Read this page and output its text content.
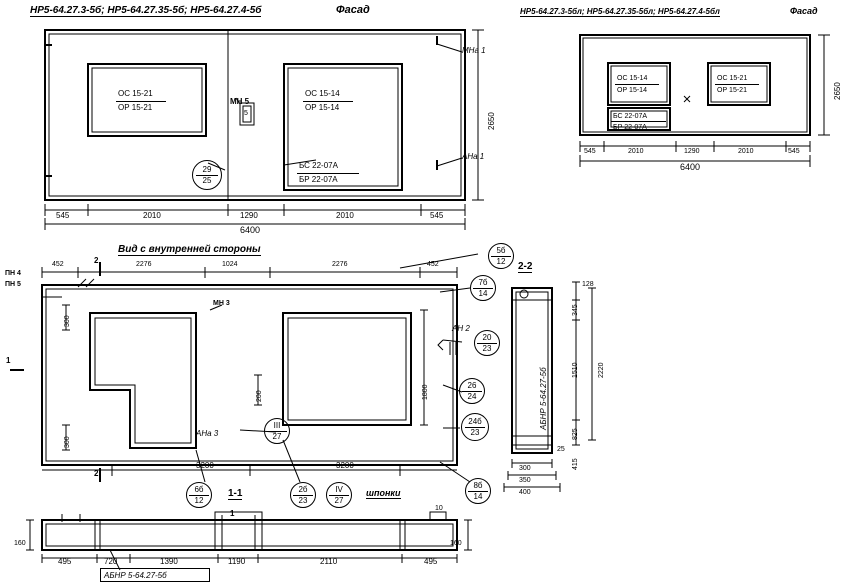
НР5-64.27.3-5б; НР5-64.27.35-5б; НР5-64.27.4-5б	Фасад	НР5-64.27.3-5бл; НР5-64.27.35-5бл; НР5-64.27.4-5бл	Фасад
ОС 15-21
ОР 15-21
ОС 15-14
ОР 15-14
БС 22-07А
БР 22-07А
МН 5
5
МНа 1
АНа 1
29
25
545	2010	1290	2010	545
6400
2650
ОС 15-14
ОР 15-14
ОС 15-21
ОР 15-21
БС 22-07А
БР 22-07А
545	2010	1290	2010	545
6400
2650
Вид с внутренней стороны
452	2276	1024	2276	452
ПН 4
ПН 5
МН 3
АНа 3
АН 2
300
300
200	1800
2
2
1
3200	3200
5б
12
7б
14
20
23
26
24
24б
23
8б
14
6б
12
2б
23
IV
27
III
27
шпонки
1-1
2-2
АБНР 5-64.27-5б
128
345
1510	2220
825
415
25
300
350
400
160	160
1
10
495	720	1390	1190	2110	495
АБНР 5-64.27-5б
